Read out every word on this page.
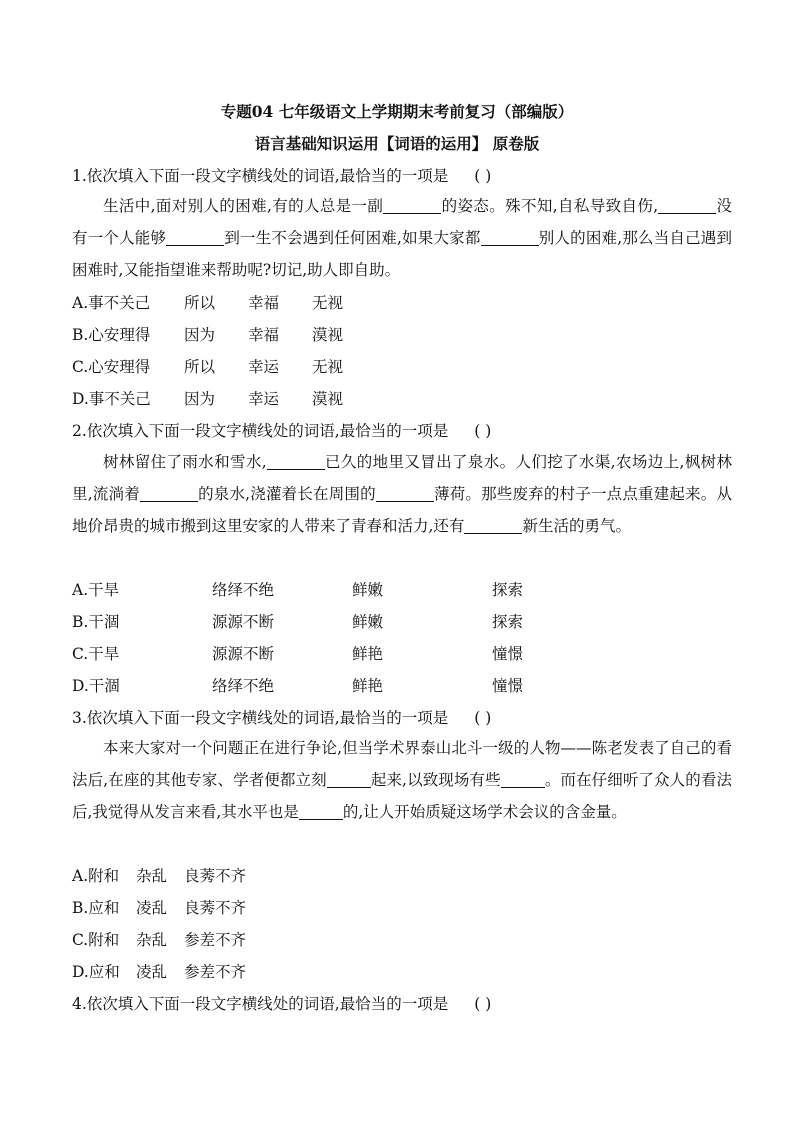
专题04 七年级语文上学期期末考前复习（部编版）
语言基础知识运用【词语的运用】 原卷版
1.依次填入下面一段文字横线处的词语,最恰当的一项是 ( )
生活中,面对别人的困难,有的人总是一副	的姿态。殊不知,自私导致自伤,	没有一个人能够	到一生不会遇到任何困难,如果大家都	别人的困难,那么当自己遇到困难时,又能指望谁来帮助呢?切记,助人即自助。
A.事不关己 所以 幸福 无视
B.心安理得 因为 幸福 漠视
C.心安理得 所以 幸运 无视
D.事不关己 因为 幸运 漠视
2.依次填入下面一段文字横线处的词语,最恰当的一项是 ( )
树林留住了雨水和雪水,	已久的地里又冒出了泉水。人们挖了水渠,农场边上,枫树林里,流淌着	的泉水,浇灌着长在周围的	薄荷。那些废弃的村子一点点重建起来。从地价昂贵的城市搬到这里安家的人带来了青春和活力,还有	新生活的勇气。
A.干旱	络绎不绝	鲜嫩	探索
B.干涸	源源不断	鲜嫩	探索
C.干旱	源源不断	鲜艳	憧憬
D.干涸	络绎不绝	鲜艳	憧憬
3.依次填入下面一段文字横线处的词语,最恰当的一项是 ( )
本来大家对一个问题正在进行争论,但当学术界泰山北斗一级的人物——陈老发表了自己的看法后,在座的其他专家、学者便都立刻	起来,以致现场有些	。而在仔细听了众人的看法后,我觉得从发言来看,其水平也是	的,让人开始质疑这场学术会议的含金量。
A.附和 杂乱 良莠不齐
B.应和 凌乱 良莠不齐
C.附和 杂乱 参差不齐
D.应和 凌乱 参差不齐
4.依次填入下面一段文字横线处的词语,最恰当的一项是 ( )
